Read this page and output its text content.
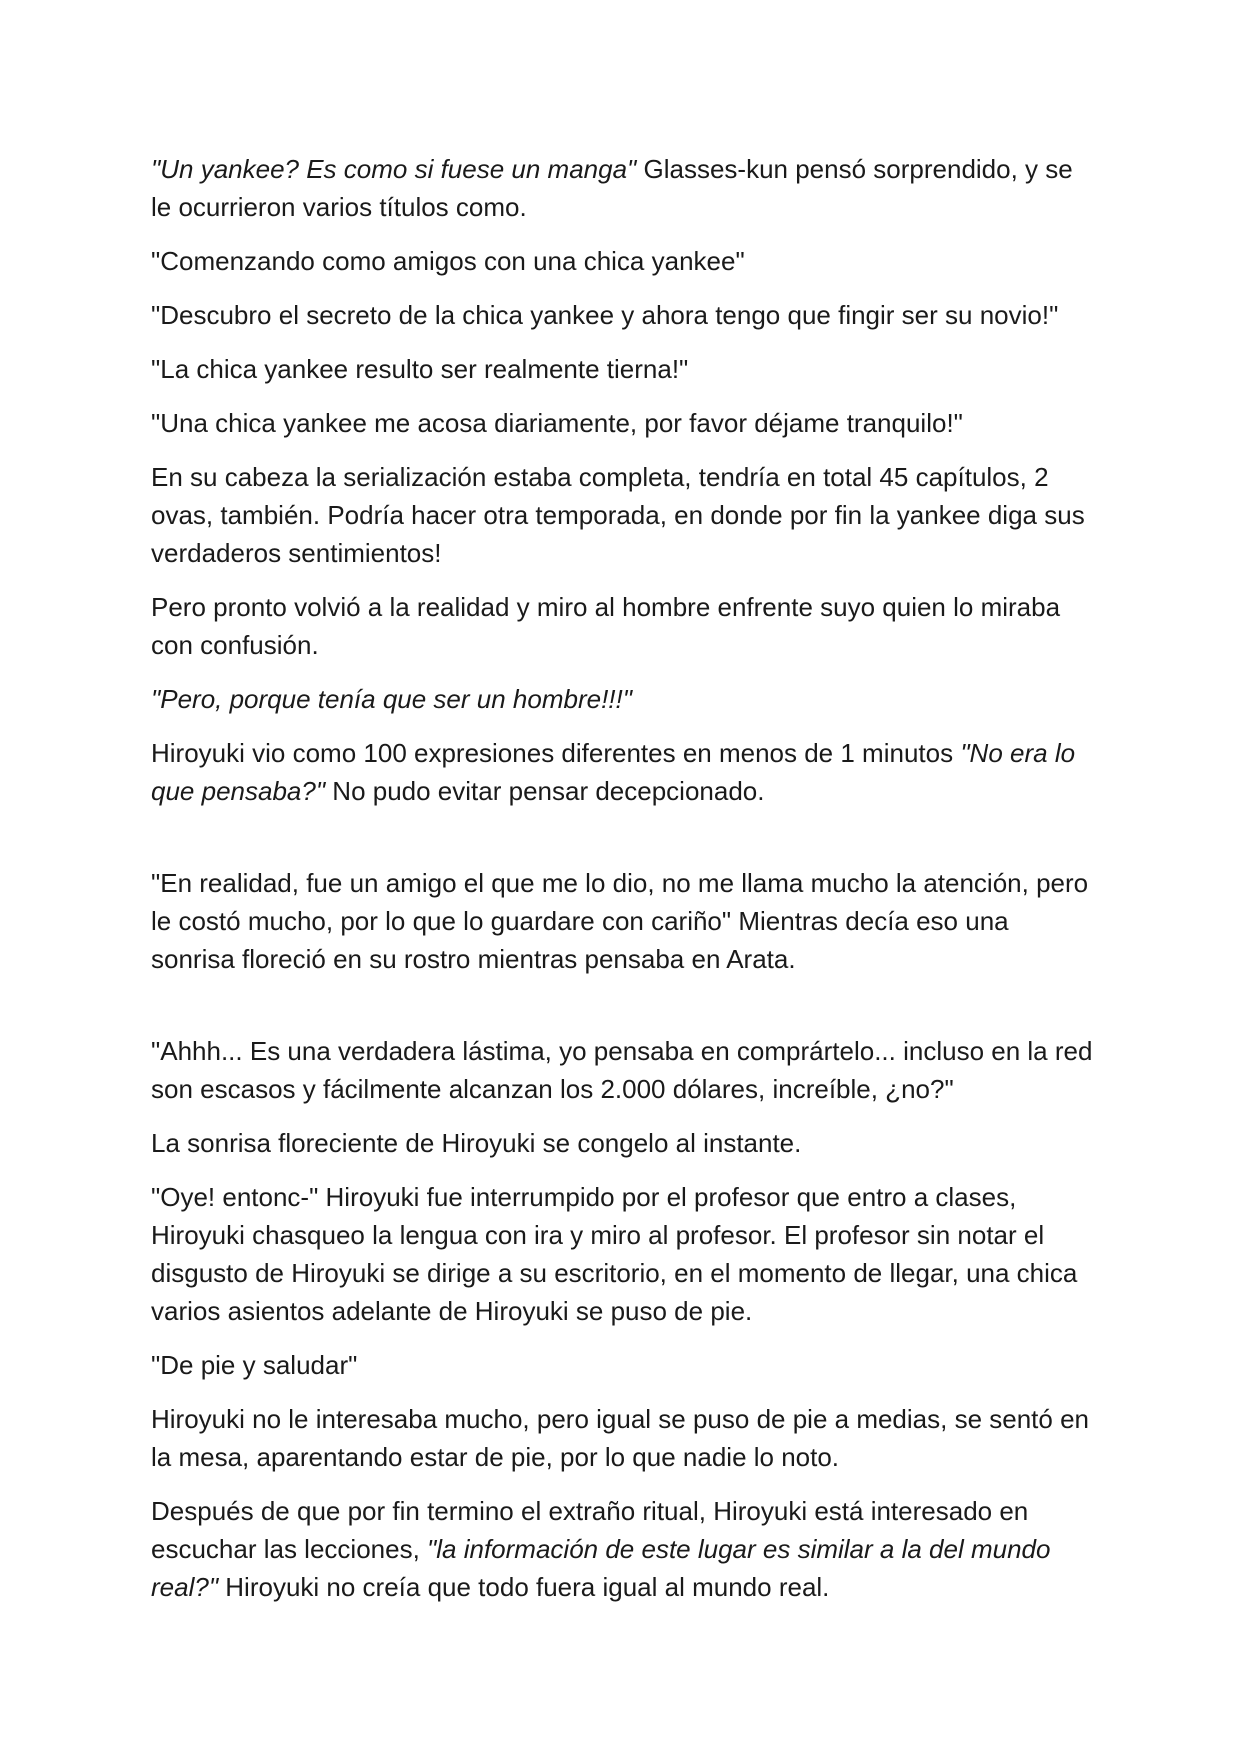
"Un yankee? Es como si fuese un manga" Glasses-kun pensó sorprendido, y se le ocurrieron varios títulos como.

"Comenzando como amigos con una chica yankee"

"Descubro el secreto de la chica yankee y ahora tengo que fingir ser su novio!"

"La chica yankee resulto ser realmente tierna!"

"Una chica yankee me acosa diariamente, por favor déjame tranquilo!"

En su cabeza la serialización estaba completa, tendría en total 45 capítulos, 2 ovas, también. Podría hacer otra temporada, en donde por fin la yankee diga sus verdaderos sentimientos!

Pero pronto volvió a la realidad y miro al hombre enfrente suyo quien lo miraba con confusión.

"Pero, porque tenía que ser un hombre!!!"

Hiroyuki vio como 100 expresiones diferentes en menos de 1 minutos "No era lo que pensaba?" No pudo evitar pensar decepcionado.

"En realidad, fue un amigo el que me lo dio, no me llama mucho la atención, pero le costó mucho, por lo que lo guardare con cariño" Mientras decía eso una sonrisa floreció en su rostro mientras pensaba en Arata.

"Ahhh... Es una verdadera lástima, yo pensaba en comprártelo... incluso en la red son escasos y fácilmente alcanzan los 2.000 dólares, increíble, ¿no?"

La sonrisa floreciente de Hiroyuki se congelo al instante.

"Oye! entonc-" Hiroyuki fue interrumpido por el profesor que entro a clases, Hiroyuki chasqueo la lengua con ira y miro al profesor. El profesor sin notar el disgusto de Hiroyuki se dirige a su escritorio, en el momento de llegar, una chica varios asientos adelante de Hiroyuki se puso de pie.

"De pie y saludar"

Hiroyuki no le interesaba mucho, pero igual se puso de pie a medias, se sentó en la mesa, aparentando estar de pie, por lo que nadie lo noto.

Después de que por fin termino el extraño ritual, Hiroyuki está interesado en escuchar las lecciones, "la información de este lugar es similar a la del mundo real?" Hiroyuki no creía que todo fuera igual al mundo real.
